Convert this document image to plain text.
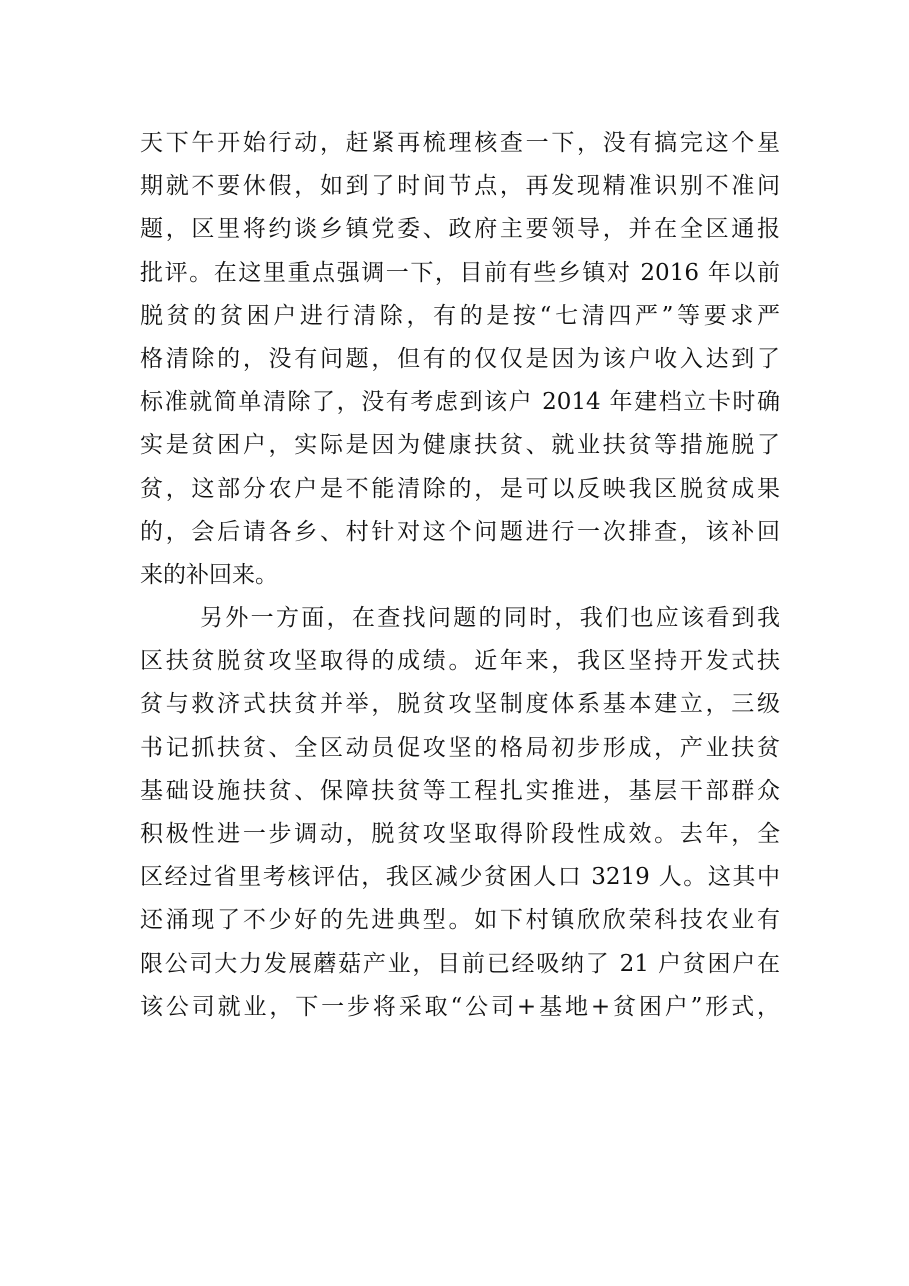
天下午开始行动，赶紧再梳理核查一下，没有搞完这个星
期就不要休假，如到了时间节点，再发现精准识别不准问
题，区里将约谈乡镇党委、政府主要领导，并在全区通报
批评。在这里重点强调一下，目前有些乡镇对 2016 年以前
脱贫的贫困户进行清除，有的是按“七清四严”等要求严
格清除的，没有问题，但有的仅仅是因为该户收入达到了
标准就简单清除了，没有考虑到该户 2014 年建档立卡时确
实是贫困户，实际是因为健康扶贫、就业扶贫等措施脱了
贫，这部分农户是不能清除的，是可以反映我区脱贫成果
的，会后请各乡、村针对这个问题进行一次排查，该补回
来的补回来。
另外一方面，在查找问题的同时，我们也应该看到我
区扶贫脱贫攻坚取得的成绩。近年来，我区坚持开发式扶
贫与救济式扶贫并举，脱贫攻坚制度体系基本建立，三级
书记抓扶贫、全区动员促攻坚的格局初步形成，产业扶贫
基础设施扶贫、保障扶贫等工程扎实推进，基层干部群众
积极性进一步调动，脱贫攻坚取得阶段性成效。去年，全
区经过省里考核评估，我区减少贫困人口 3219 人。这其中
还涌现了不少好的先进典型。如下村镇欣欣荣科技农业有
限公司大力发展蘑菇产业，目前已经吸纳了 21 户贫困户在
该公司就业，下一步将采取“公司+基地+贫困户”形式，
